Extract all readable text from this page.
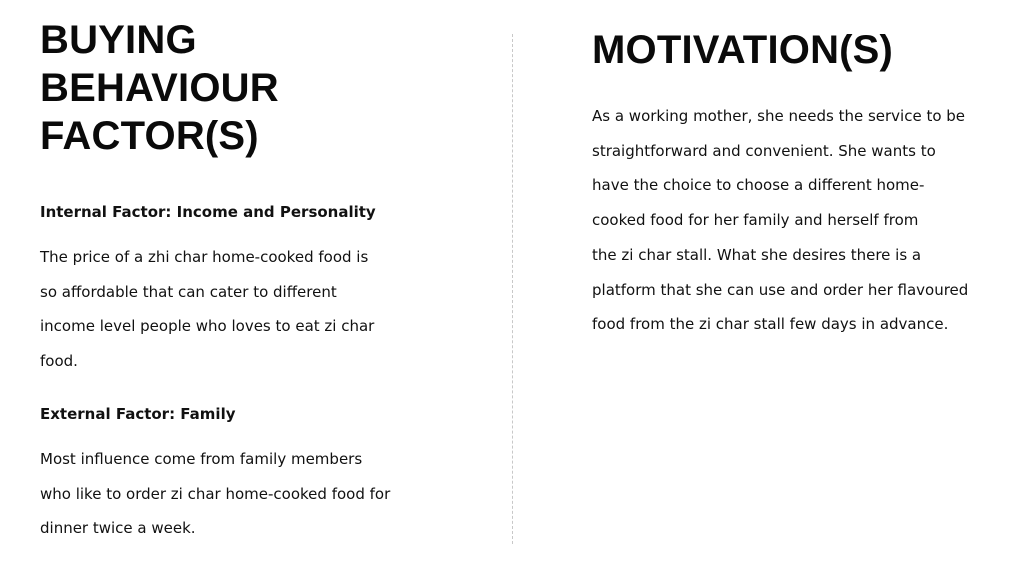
BUYING
BEHAVIOUR
FACTOR(S)

Internal Factor: Income and Personality

The price of a zhi char home-cooked food is
so affordable that can cater to different
income level people who loves to eat zi char
food.

External Factor: Family

Most influence come from family members
who like to order zi char home-cooked food for
dinner twice a week.

MOTIVATION(S)

As a working mother, she needs the service to be
straightforward and convenient. She wants to
have the choice to choose a different home-
cooked food for her family and herself from
the zi char stall. What she desires there is a
platform that she can use and order her flavoured
food from the zi char stall few days in advance.
